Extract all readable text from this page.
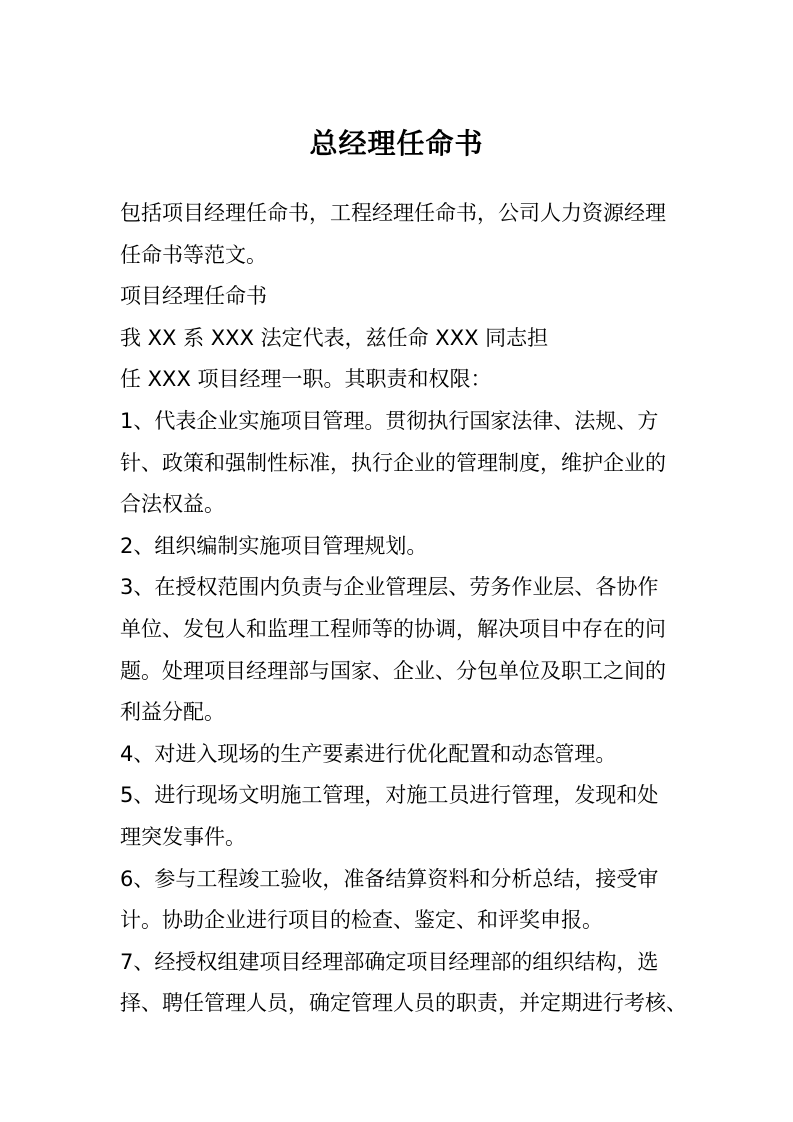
总经理任命书
包括项目经理任命书，工程经理任命书，公司人力资源经理
任命书等范文。
项目经理任命书
我 XX 系 XXX 法定代表，兹任命 XXX 同志担
任 XXX 项目经理一职。其职责和权限：
1、代表企业实施项目管理。贯彻执行国家法律、法规、方
针、政策和强制性标准，执行企业的管理制度，维护企业的
合法权益。
2、组织编制实施项目管理规划。
3、在授权范围内负责与企业管理层、劳务作业层、各协作
单位、发包人和监理工程师等的协调，解决项目中存在的问
题。处理项目经理部与国家、企业、分包单位及职工之间的
利益分配。
4、对进入现场的生产要素进行优化配置和动态管理。
5、进行现场文明施工管理，对施工员进行管理，发现和处
理突发事件。
6、参与工程竣工验收，准备结算资料和分析总结，接受审
计。协助企业进行项目的检查、鉴定、和评奖申报。
7、经授权组建项目经理部确定项目经理部的组织结构，选
择、聘任管理人员，确定管理人员的职责，并定期进行考核、
